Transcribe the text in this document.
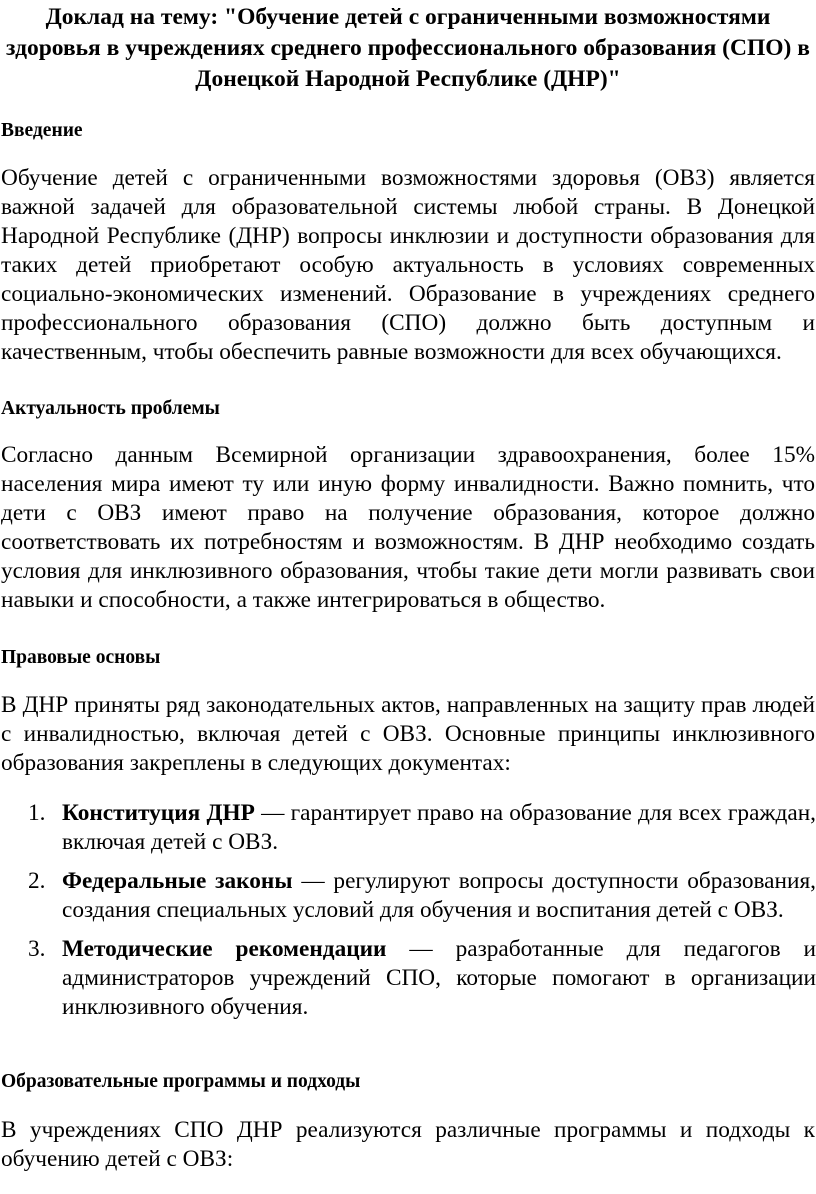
Доклад на тему: "Обучение детей с ограниченными возможностями здоровья в учреждениях среднего профессионального образования (СПО) в Донецкой Народной Республике (ДНР)"
Введение

Обучение детей с ограниченными возможностями здоровья (ОВЗ) является важной задачей для образовательной системы любой страны. В Донецкой Народной Республике (ДНР) вопросы инклюзии и доступности образования для таких детей приобретают особую актуальность в условиях современных социально-экономических изменений. Образование в учреждениях среднего профессионального образования (СПО) должно быть доступным и качественным, чтобы обеспечить равные возможности для всех обучающихся.

Актуальность проблемы

Согласно данным Всемирной организации здравоохранения, более 15% населения мира имеют ту или иную форму инвалидности. Важно помнить, что дети с ОВЗ имеют право на получение образования, которое должно соответствовать их потребностям и возможностям. В ДНР необходимо создать условия для инклюзивного образования, чтобы такие дети могли развивать свои навыки и способности, а также интегрироваться в общество.

Правовые основы

В ДНР приняты ряд законодательных актов, направленных на защиту прав людей с инвалидностью, включая детей с ОВЗ. Основные принципы инклюзивного образования закреплены в следующих документах:

1. Конституция ДНР — гарантирует право на образование для всех граждан, включая детей с ОВЗ.
2. Федеральные законы — регулируют вопросы доступности образования, создания специальных условий для обучения и воспитания детей с ОВЗ.
3. Методические рекомендации — разработанные для педагогов и администраторов учреждений СПО, которые помогают в организации инклюзивного обучения.
Образовательные программы и подходы

В учреждениях СПО ДНР реализуются различные программы и подходы к обучению детей с ОВЗ:
